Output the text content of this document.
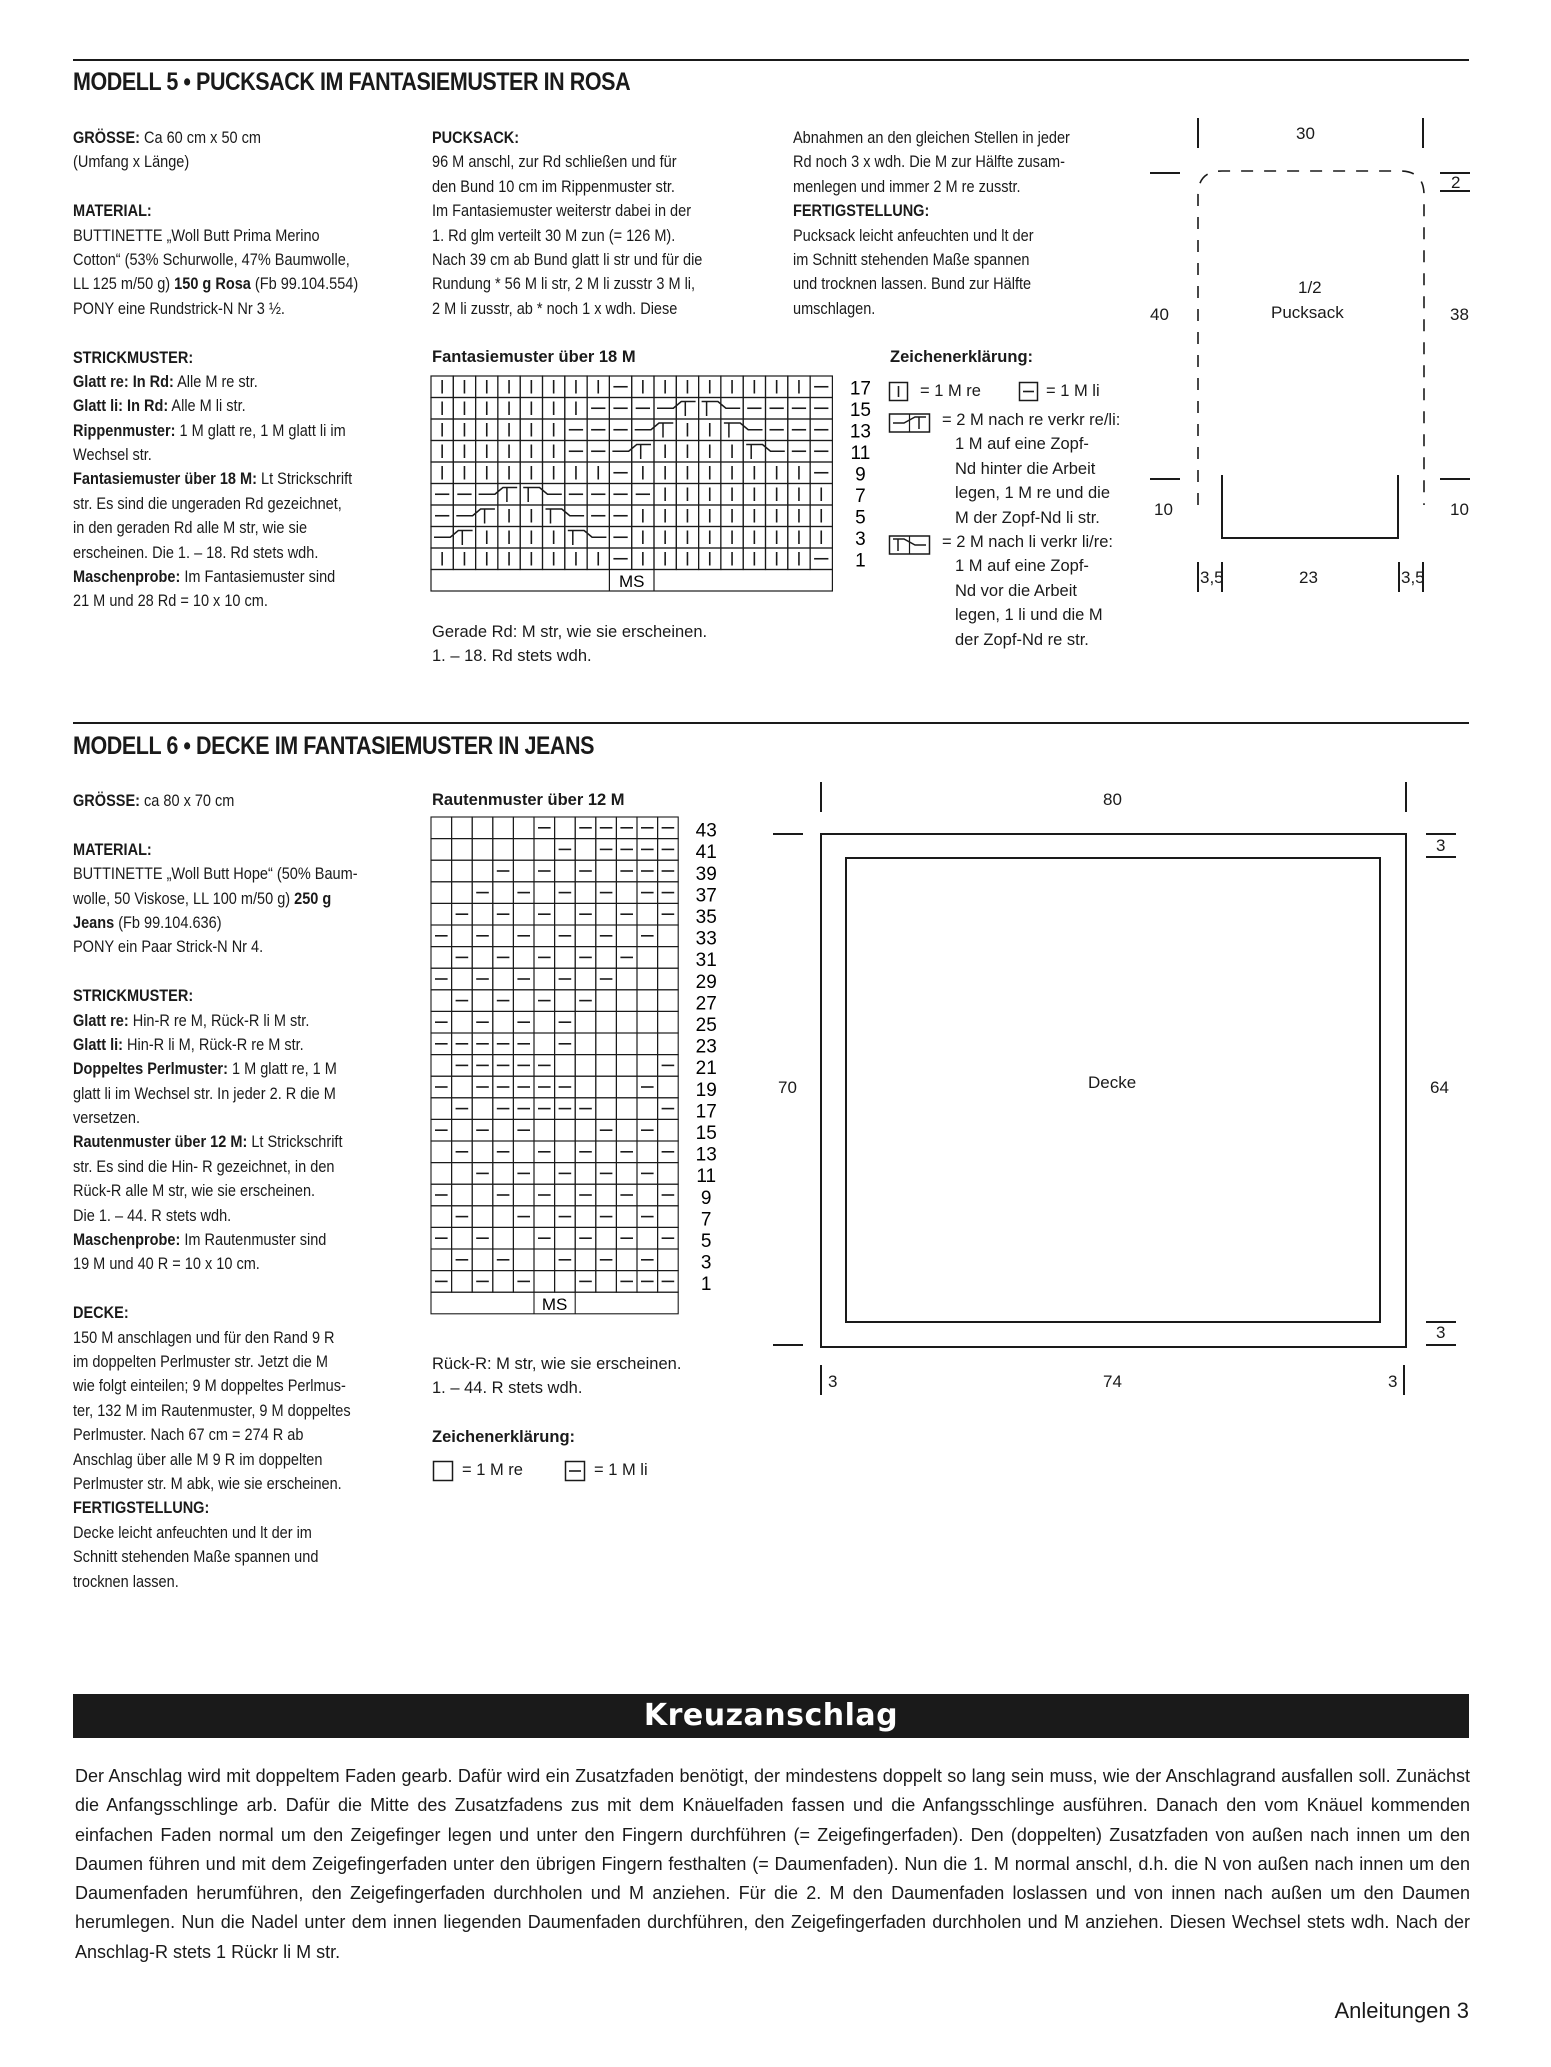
MODELL 5 • PUCKSACK IM FANTASIEMUSTER IN ROSA
GRÖSSE: Ca 60 cm x 50 cm
(Umfang x Länge)
MATERIAL:
BUTTINETTE „Woll Butt Prima Merino
Cotton“ (53% Schurwolle, 47% Baumwolle,
LL 125 m/50 g) 150 g Rosa (Fb 99.104.554)
PONY eine Rundstrick-N Nr 3 ½.
STRICKMUSTER:
Glatt re: In Rd: Alle M re str.
Glatt li: In Rd: Alle M li str.
Rippenmuster: 1 M glatt re, 1 M glatt li im
Wechsel str.
Fantasiemuster über 18 M: Lt Strickschrift
str. Es sind die ungeraden Rd gezeichnet,
in den geraden Rd alle M str, wie sie
erscheinen. Die 1. – 18. Rd stets wdh.
Maschenprobe: Im Fantasiemuster sind
21 M und 28 Rd = 10 x 10 cm.
PUCKSACK:
96 M anschl, zur Rd schließen und für
den Bund 10 cm im Rippenmuster str.
Im Fantasiemuster weiterstr dabei in der
1. Rd glm verteilt 30 M zun (= 126 M).
Nach 39 cm ab Bund glatt li str und für die
Rundung * 56 M li str, 2 M li zusstr 3 M li,
2 M li zusstr, ab * noch 1 x wdh. Diese
Abnahmen an den gleichen Stellen in jeder
Rd noch 3 x wdh. Die M zur Hälfte zusam-
menlegen und immer 2 M re zusstr.
FERTIGSTELLUNG:
Pucksack leicht anfeuchten und lt der
im Schnitt stehenden Maße spannen
und trocknen lassen. Bund zur Hälfte
umschlagen.
Fantasiemuster über 18 M
MS
17
15
13
11
9
7
5
3
1
Gerade Rd: M str, wie sie erscheinen.
1. – 18. Rd stets wdh.
Zeichenerklärung:
= 1 M re	= 1 M li
= 2 M nach re verkr re/li:
1 M auf eine Zopf-
Nd hinter die Arbeit
legen, 1 M re und die
M der Zopf-Nd li str.
= 2 M nach li verkr li/re:
1 M auf eine Zopf-
Nd vor die Arbeit
legen, 1 li und die M
der Zopf-Nd re str.
30
2
40	38
1/2
Pucksack
10	10
3,5	23	3,5
MODELL 6 • DECKE IM FANTASIEMUSTER IN JEANS
GRÖSSE: ca 80 x 70 cm
MATERIAL:
BUTTINETTE „Woll Butt Hope“ (50% Baum-
wolle, 50 Viskose, LL 100 m/50 g) 250 g
Jeans (Fb 99.104.636)
PONY ein Paar Strick-N Nr 4.
STRICKMUSTER:
Glatt re: Hin-R re M, Rück-R li M str.
Glatt li: Hin-R li M, Rück-R re M str.
Doppeltes Perlmuster: 1 M glatt re, 1 M
glatt li im Wechsel str. In jeder 2. R die M
versetzen.
Rautenmuster über 12 M: Lt Strickschrift
str. Es sind die Hin- R gezeichnet, in den
Rück-R alle M str, wie sie erscheinen.
Die 1. – 44. R stets wdh.
Maschenprobe: Im Rautenmuster sind
19 M und 40 R = 10 x 10 cm.
DECKE:
150 M anschlagen und für den Rand 9 R
im doppelten Perlmuster str. Jetzt die M
wie folgt einteilen; 9 M doppeltes Perlmus-
ter, 132 M im Rautenmuster, 9 M doppeltes
Perlmuster. Nach 67 cm = 274 R ab
Anschlag über alle M 9 R im doppelten
Perlmuster str. M abk, wie sie erscheinen.
FERTIGSTELLUNG:
Decke leicht anfeuchten und lt der im
Schnitt stehenden Maße spannen und
trocknen lassen.
Rautenmuster über 12 M
MS
43
41
39
37
35
33
31
29
27
25
23
21
19
17
15
13
11
9
7
5
3
1
Rück-R: M str, wie sie erscheinen.
1. – 44. R stets wdh.
Zeichenerklärung:
= 1 M re	= 1 M li
80
3
70	Decke	64
3
3	74	3
Kreuzanschlag
Der Anschlag wird mit doppeltem Faden gearb. Dafür wird ein Zusatzfaden benötigt, der mindestens doppelt so lang sein muss, wie der Anschlagrand ausfallen soll. Zunächst die Anfangsschlinge arb. Dafür die Mitte des Zusatzfadens zus mit dem Knäuelfaden fassen und die Anfangsschlinge ausführen. Danach den vom Knäuel kommenden einfachen Faden normal um den Zeigefinger legen und unter den Fingern durchführen (= Zeigefingerfaden). Den (doppelten) Zusatzfaden von außen nach innen um den Daumen führen und mit dem Zeigefingerfaden unter den übrigen Fingern festhalten (= Daumenfaden). Nun die 1. M normal anschl, d.h. die N von außen nach innen um den Daumenfaden herumführen, den Zeigefingerfaden durchholen und M anziehen. Für die 2. M den Daumenfaden loslassen und von innen nach außen um den Daumen herumlegen. Nun die Nadel unter dem innen liegenden Daumenfaden durchführen, den Zeigefingerfaden durchholen und M anziehen. Diesen Wechsel stets wdh. Nach der Anschlag-R stets 1 Rückr li M str.
Anleitungen 3
